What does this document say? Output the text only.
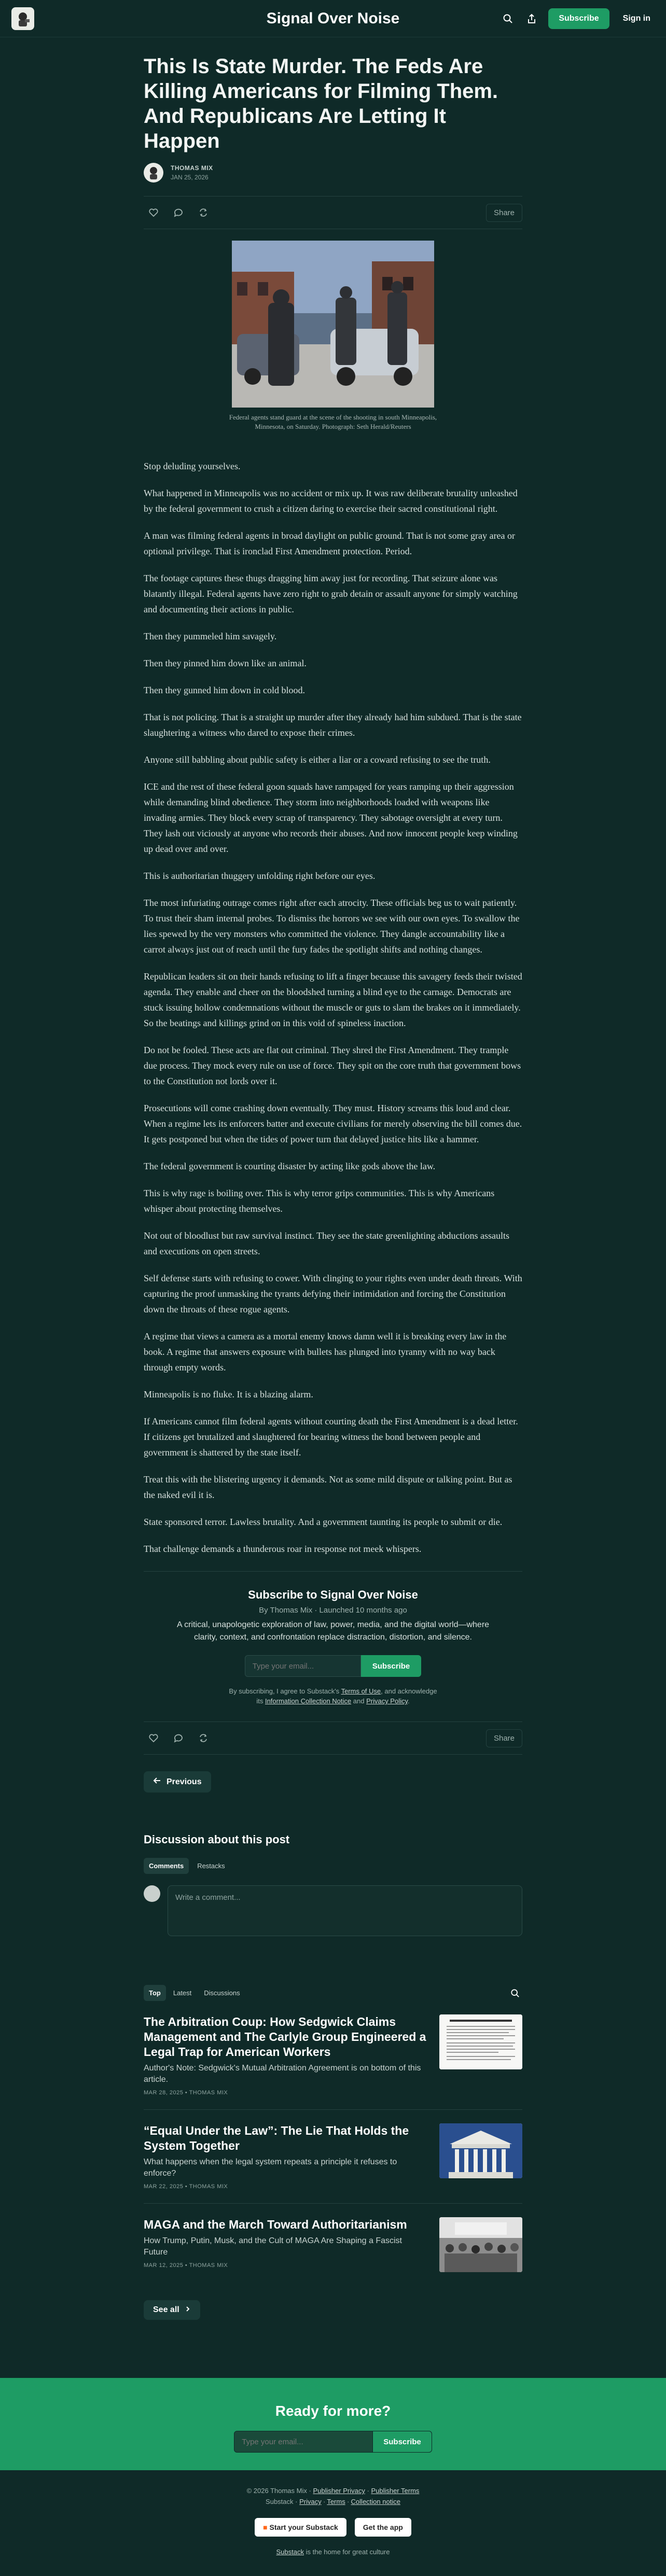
Signal Over Noise	Subscribe	Sign in
This Is State Murder. The Feds Are Killing Americans for Filming Them. And Republicans Are Letting It Happen
THOMAS MIX
JAN 25, 2026
Share
Federal agents stand guard at the scene of the shooting in south Minneapolis, Minnesota, on Saturday. Photograph: Seth Herald/Reuters

Stop deluding yourselves.

What happened in Minneapolis was no accident or mix up. It was raw deliberate brutality unleashed by the federal government to crush a citizen daring to exercise their sacred constitutional right.

A man was filming federal agents in broad daylight on public ground. That is not some gray area or optional privilege. That is ironclad First Amendment protection. Period.

The footage captures these thugs dragging him away just for recording. That seizure alone was blatantly illegal. Federal agents have zero right to grab detain or assault anyone for simply watching and documenting their actions in public.

Then they pummeled him savagely.

Then they pinned him down like an animal.

Then they gunned him down in cold blood.

That is not policing. That is a straight up murder after they already had him subdued. That is the state slaughtering a witness who dared to expose their crimes.

Anyone still babbling about public safety is either a liar or a coward refusing to see the truth.

ICE and the rest of these federal goon squads have rampaged for years ramping up their aggression while demanding blind obedience. They storm into neighborhoods loaded with weapons like invading armies. They block every scrap of transparency. They sabotage oversight at every turn. They lash out viciously at anyone who records their abuses. And now innocent people keep winding up dead over and over.

This is authoritarian thuggery unfolding right before our eyes.

The most infuriating outrage comes right after each atrocity. These officials beg us to wait patiently. To trust their sham internal probes. To dismiss the horrors we see with our own eyes. To swallow the lies spewed by the very monsters who committed the violence. They dangle accountability like a carrot always just out of reach until the fury fades the spotlight shifts and nothing changes.

Republican leaders sit on their hands refusing to lift a finger because this savagery feeds their twisted agenda. They enable and cheer on the bloodshed turning a blind eye to the carnage. Democrats are stuck issuing hollow condemnations without the muscle or guts to slam the brakes on it immediately. So the beatings and killings grind on in this void of spineless inaction.

Do not be fooled. These acts are flat out criminal. They shred the First Amendment. They trample due process. They mock every rule on use of force. They spit on the core truth that government bows to the Constitution not lords over it.

Prosecutions will come crashing down eventually. They must. History screams this loud and clear. When a regime lets its enforcers batter and execute civilians for merely observing the bill comes due. It gets postponed but when the tides of power turn that delayed justice hits like a hammer.

The federal government is courting disaster by acting like gods above the law.

This is why rage is boiling over. This is why terror grips communities. This is why Americans whisper about protecting themselves.

Not out of bloodlust but raw survival instinct. They see the state greenlighting abductions assaults and executions on open streets.

Self defense starts with refusing to cower. With clinging to your rights even under death threats. With capturing the proof unmasking the tyrants defying their intimidation and forcing the Constitution down the throats of these rogue agents.

A regime that views a camera as a mortal enemy knows damn well it is breaking every law in the book. A regime that answers exposure with bullets has plunged into tyranny with no way back through empty words.

Minneapolis is no fluke. It is a blazing alarm.

If Americans cannot film federal agents without courting death the First Amendment is a dead letter. If citizens get brutalized and slaughtered for bearing witness the bond between people and government is shattered by the state itself.

Treat this with the blistering urgency it demands. Not as some mild dispute or talking point. But as the naked evil it is.

State sponsored terror. Lawless brutality. And a government taunting its people to submit or die.

That challenge demands a thunderous roar in response not meek whispers.

Subscribe to Signal Over Noise
By Thomas Mix · Launched 10 months ago
A critical, unapologetic exploration of law, power, media, and the digital world—where clarity, context, and confrontation replace distraction, distortion, and silence.
Type your email...
Subscribe
By subscribing, I agree to Substack's Terms of Use, and acknowledge its Information Collection Notice and Privacy Policy.
Share
Previous
Discussion about this post
Comments	Restacks
Write a comment...
Top	Latest	Discussions
The Arbitration Coup: How Sedgwick Claims Management and The Carlyle Group Engineered a Legal Trap for American Workers
Author's Note: Sedgwick's Mutual Arbitration Agreement is on bottom of this article.
MAR 28, 2025 • THOMAS MIX
“Equal Under the Law”: The Lie That Holds the System Together
What happens when the legal system repeats a principle it refuses to enforce?
MAR 22, 2025 • THOMAS MIX
MAGA and the March Toward Authoritarianism
How Trump, Putin, Musk, and the Cult of MAGA Are Shaping a Fascist Future
MAR 12, 2025 • THOMAS MIX
See all
Ready for more?
Type your email...
Subscribe
© 2026 Thomas Mix · Publisher Privacy · Publisher Terms
Substack · Privacy ∙ Terms ∙ Collection notice
■ Start your Substack	Get the app
Substack is the home for great culture
